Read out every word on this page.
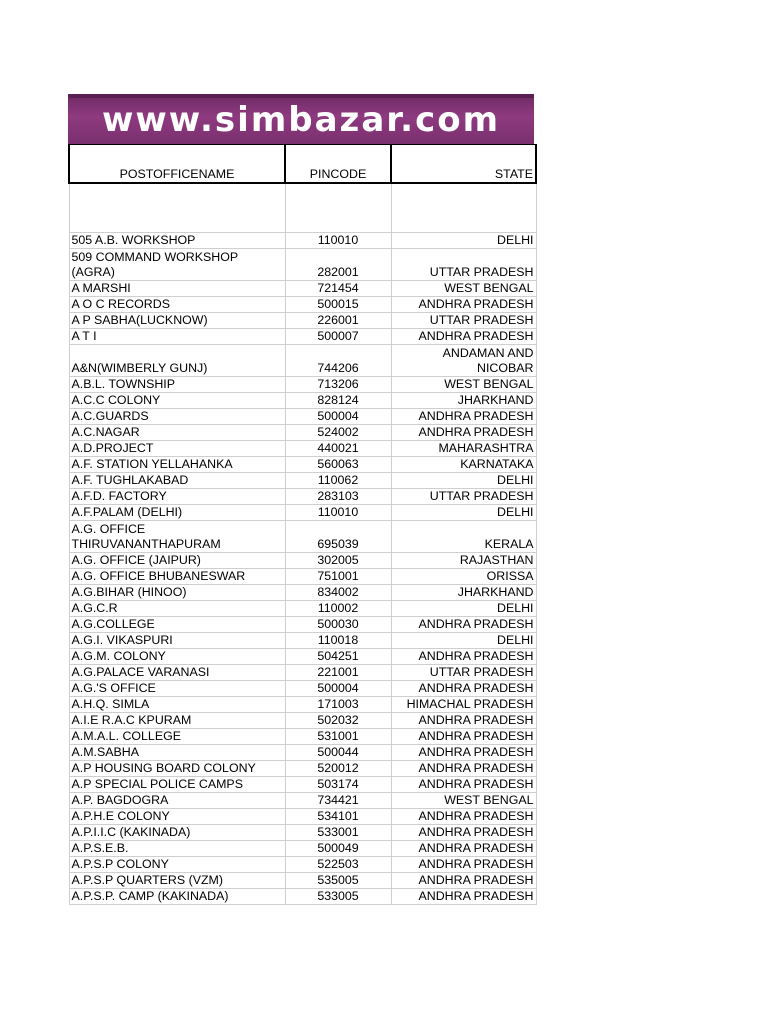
www.simbazar.com
POSTOFFICENAME	PINCODE	STATE

505 A.B. WORKSHOP	110010	DELHI
509 COMMAND WORKSHOP (AGRA)	282001	UTTAR PRADESH
A MARSHI	721454	WEST BENGAL
A O C RECORDS	500015	ANDHRA PRADESH
A P SABHA(LUCKNOW)	226001	UTTAR PRADESH
A T I	500007	ANDHRA PRADESH
A&N(WIMBERLY GUNJ)	744206	ANDAMAN AND NICOBAR
A.B.L. TOWNSHIP	713206	WEST BENGAL
A.C.C COLONY	828124	JHARKHAND
A.C.GUARDS	500004	ANDHRA PRADESH
A.C.NAGAR	524002	ANDHRA PRADESH
A.D.PROJECT	440021	MAHARASHTRA
A.F. STATION YELLAHANKA	560063	KARNATAKA
A.F. TUGHLAKABAD	110062	DELHI
A.F.D. FACTORY	283103	UTTAR PRADESH
A.F.PALAM (DELHI)	110010	DELHI
A.G. OFFICE THIRUVANANTHAPURAM	695039	KERALA
A.G. OFFICE (JAIPUR)	302005	RAJASTHAN
A.G. OFFICE BHUBANESWAR	751001	ORISSA
A.G.BIHAR (HINOO)	834002	JHARKHAND
A.G.C.R	110002	DELHI
A.G.COLLEGE	500030	ANDHRA PRADESH
A.G.I. VIKASPURI	110018	DELHI
A.G.M. COLONY	504251	ANDHRA PRADESH
A.G.PALACE VARANASI	221001	UTTAR PRADESH
A.G.'S OFFICE	500004	ANDHRA PRADESH
A.H.Q. SIMLA	171003	HIMACHAL PRADESH
A.I.E R.A.C KPURAM	502032	ANDHRA PRADESH
A.M.A.L. COLLEGE	531001	ANDHRA PRADESH
A.M.SABHA	500044	ANDHRA PRADESH
A.P HOUSING BOARD COLONY	520012	ANDHRA PRADESH
A.P SPECIAL POLICE CAMPS	503174	ANDHRA PRADESH
A.P. BAGDOGRA	734421	WEST BENGAL
A.P.H.E COLONY	534101	ANDHRA PRADESH
A.P.I.I.C (KAKINADA)	533001	ANDHRA PRADESH
A.P.S.E.B.	500049	ANDHRA PRADESH
A.P.S.P COLONY	522503	ANDHRA PRADESH
A.P.S.P QUARTERS (VZM)	535005	ANDHRA PRADESH
A.P.S.P. CAMP (KAKINADA)	533005	ANDHRA PRADESH
